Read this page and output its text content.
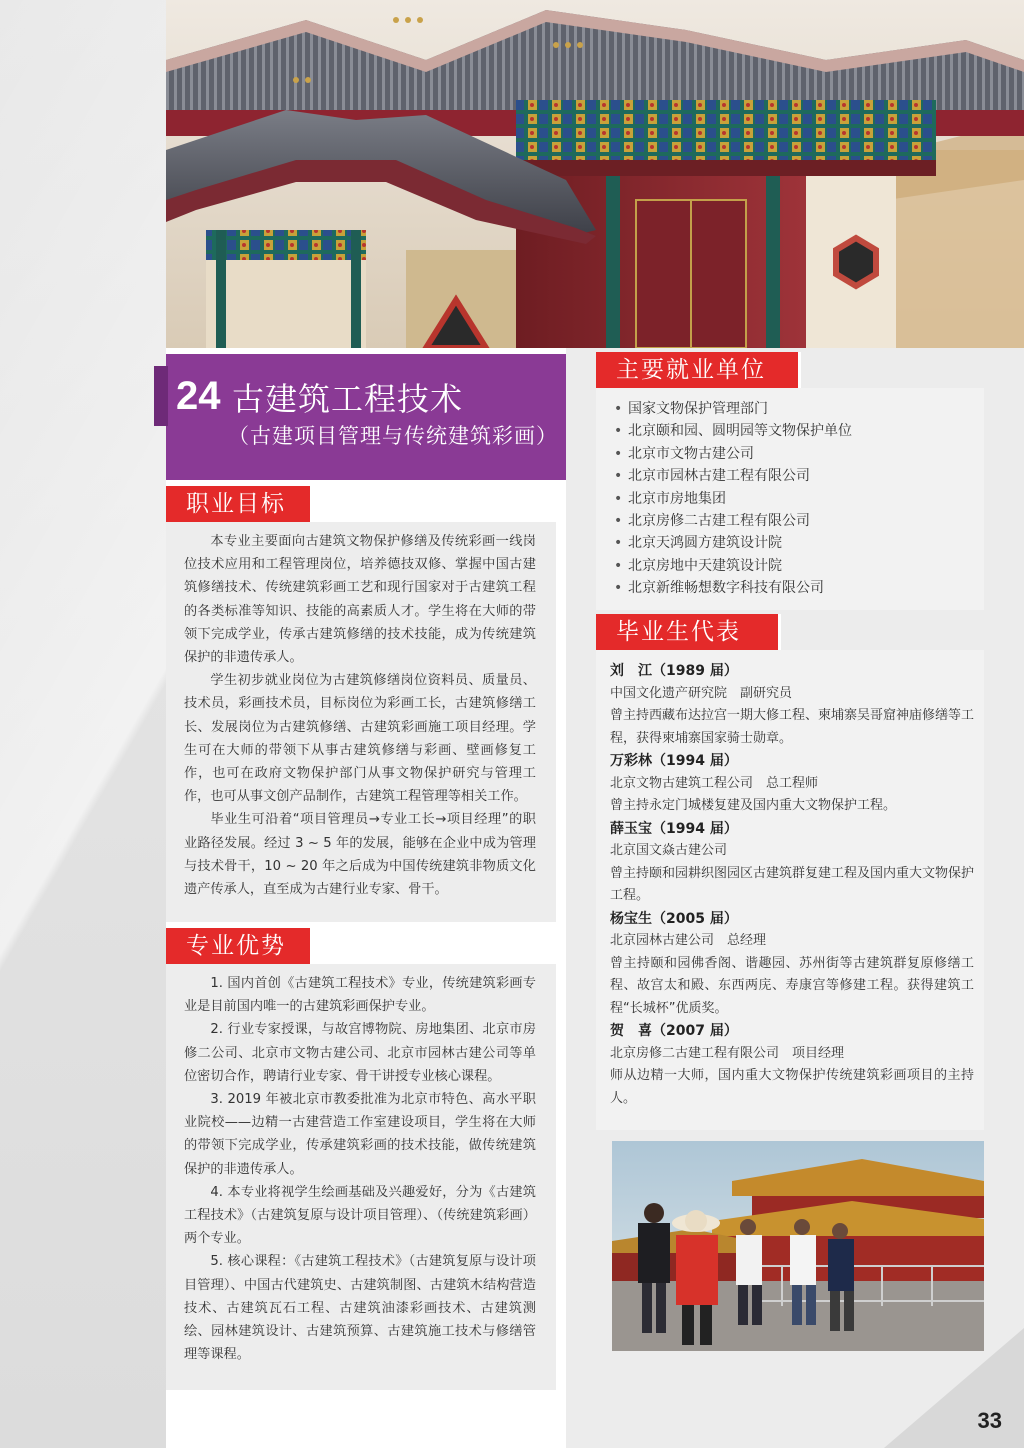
24 古建筑工程技术
（古建项目管理与传统建筑彩画）
职业目标

本专业主要面向古建筑文物保护修缮及传统彩画一线岗位技术应用和工程管理岗位，培养德技双修、掌握中国古建筑修缮技术、传统建筑彩画工艺和现行国家对于古建筑工程的各类标准等知识、技能的高素质人才。学生将在大师的带领下完成学业，传承古建筑修缮的技术技能，成为传统建筑保护的非遗传承人。

学生初步就业岗位为古建筑修缮岗位资料员、质量员、技术员，彩画技术员，目标岗位为彩画工长，古建筑修缮工长、发展岗位为古建筑修缮、古建筑彩画施工项目经理。学生可在大师的带领下从事古建筑修缮与彩画、壁画修复工作，也可在政府文物保护部门从事文物保护研究与管理工作，也可从事文创产品制作，古建筑工程管理等相关工作。

毕业生可沿着“项目管理员→专业工长→项目经理”的职业路径发展。经过 3 ~ 5 年的发展，能够在企业中成为管理与技术骨干，10 ~ 20 年之后成为中国传统建筑非物质文化遗产传承人，直至成为古建行业专家、骨干。

专业优势

1. 国内首创《古建筑工程技术》专业，传统建筑彩画专业是目前国内唯一的古建筑彩画保护专业。

2. 行业专家授课，与故宫博物院、房地集团、北京市房修二公司、北京市文物古建公司、北京市园林古建公司等单位密切合作，聘请行业专家、骨干讲授专业核心课程。

3. 2019 年被北京市教委批准为北京市特色、高水平职业院校——边精一古建营造工作室建设项目，学生将在大师的带领下完成学业，传承建筑彩画的技术技能，做传统建筑保护的非遗传承人。

4. 本专业将视学生绘画基础及兴趣爱好，分为《古建筑工程技术》（古建筑复原与设计项目管理）、（传统建筑彩画）两个专业。

5. 核心课程：《古建筑工程技术》（古建筑复原与设计项目管理）、中国古代建筑史、古建筑制图、古建筑木结构营造技术、古建筑瓦石工程、古建筑油漆彩画技术、古建筑测绘、园林建筑设计、古建筑预算、古建筑施工技术与修缮管理等课程。

主要就业单位
• 国家文物保护管理部门
• 北京颐和园、圆明园等文物保护单位
• 北京市文物古建公司
• 北京市园林古建工程有限公司
• 北京市房地集团
• 北京房修二古建工程有限公司
• 北京天鸿圆方建筑设计院
• 北京房地中天建筑设计院
• 北京新维畅想数字科技有限公司
毕业生代表
刘　江（1989 届）
中国文化遗产研究院　副研究员
曾主持西藏布达拉宫一期大修工程、柬埔寨吴哥窟神庙修缮等工程，获得柬埔寨国家骑士勋章。
万彩林（1994 届）
北京文物古建筑工程公司　总工程师
曾主持永定门城楼复建及国内重大文物保护工程。
薛玉宝（1994 届）
北京国文焱古建公司
曾主持颐和园耕织图园区古建筑群复建工程及国内重大文物保护工程。
杨宝生（2005 届）
北京园林古建公司　总经理
曾主持颐和园佛香阁、谐趣园、苏州街等古建筑群复原修缮工程、故宫太和殿、东西两庑、寿康宫等修建工程。获得建筑工程“长城杯”优质奖。
贺　喜（2007 届）
北京房修二古建工程有限公司　项目经理
师从边精一大师，国内重大文物保护传统建筑彩画项目的主持人。
33
